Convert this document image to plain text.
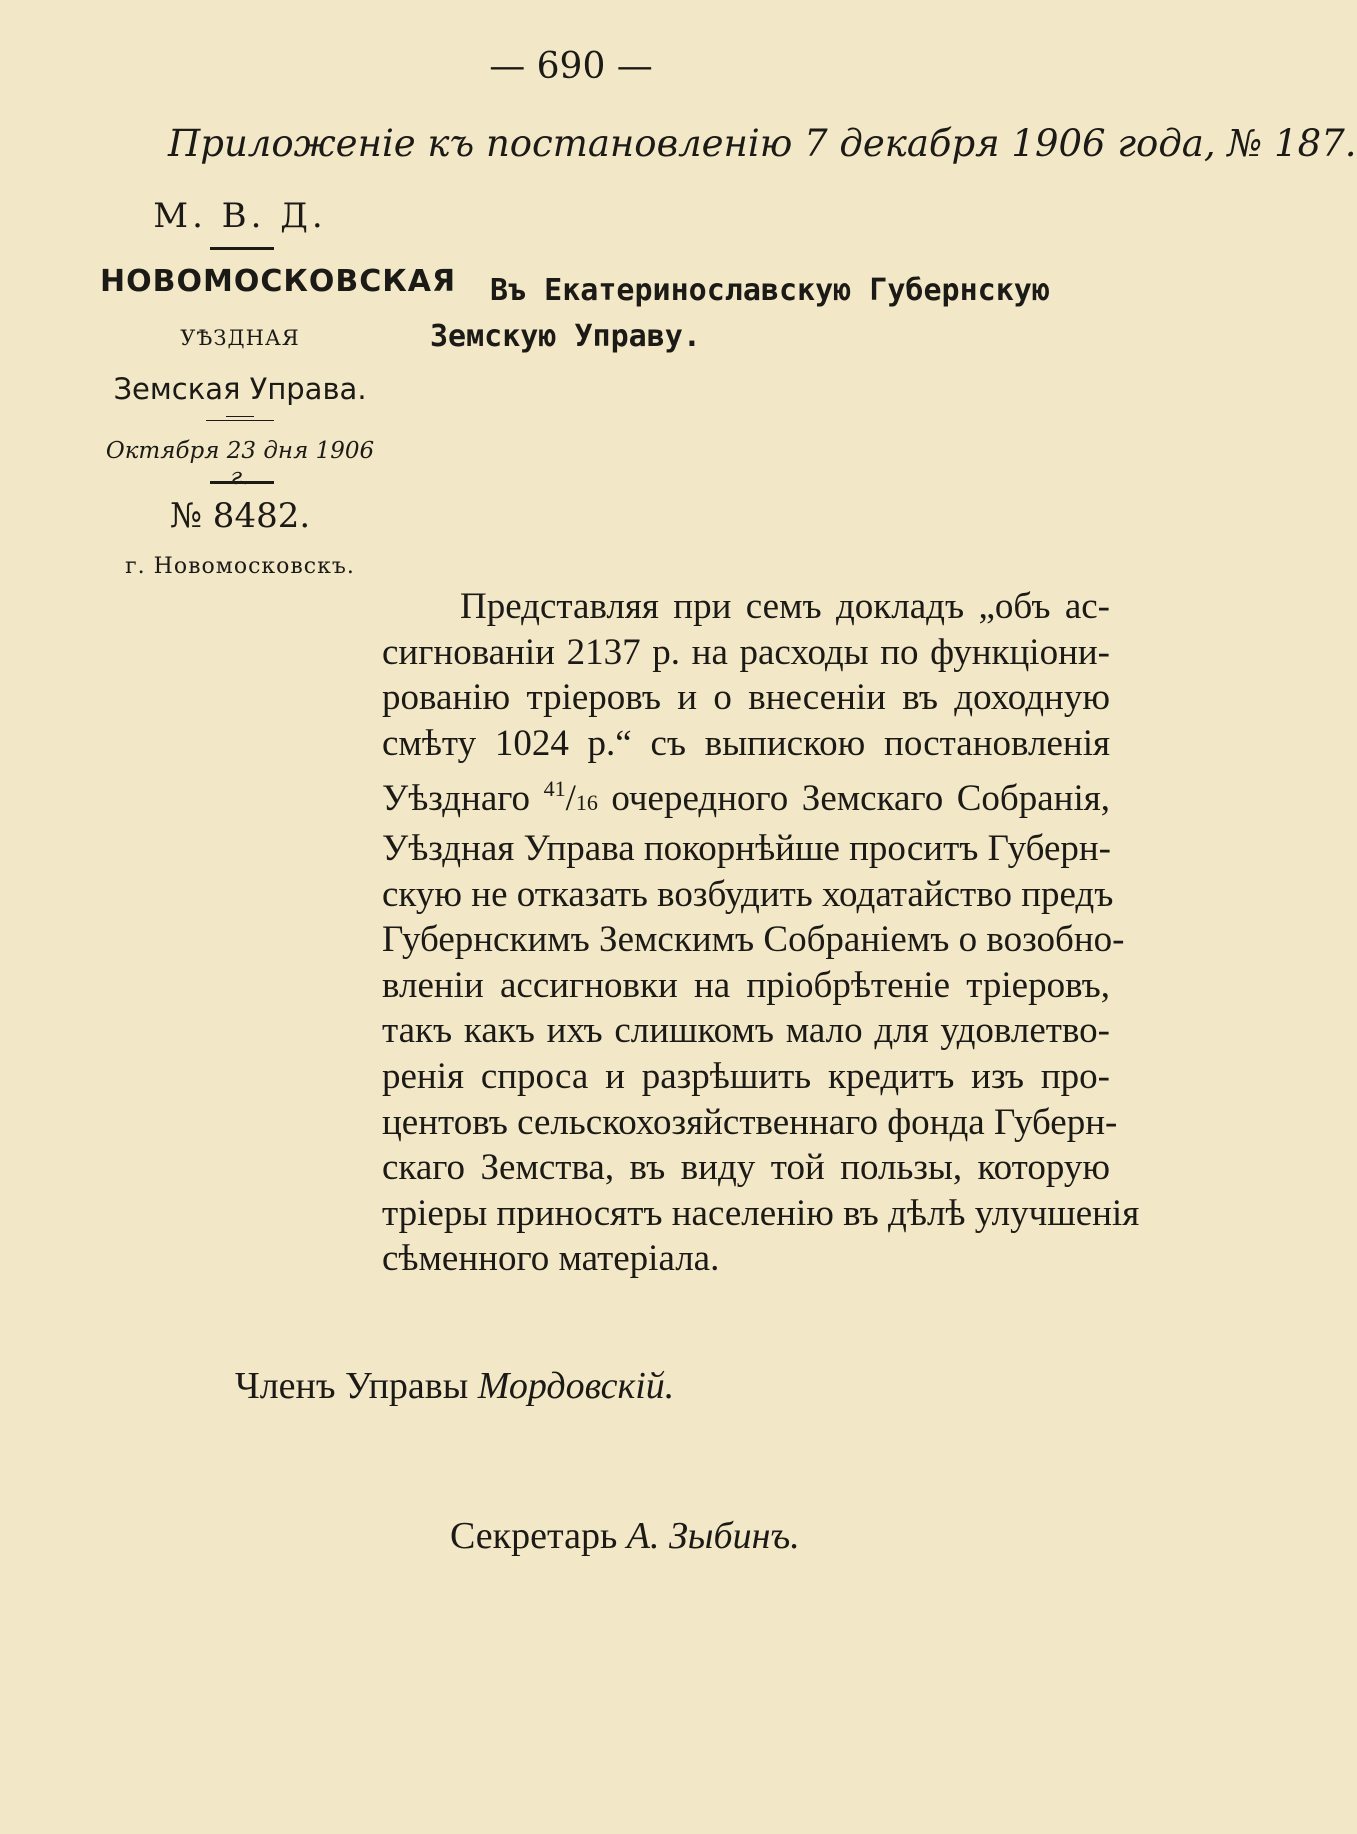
— 690 —
Приложеніе къ постановленію 7 декабря 1906 года, № 187.
М. В. Д.
НОВОМОСКОВСКАЯ
УѢЗДНАЯ
Земская Управа.
Октября 23 дня 1906 г.
№ 8482.
г. Новомосковскъ.
Въ Екатеринославскую Губернскую
Земскую Управу.
Представляя при семъ докладъ „объ ас-
сигнованіи 2137 р. на расходы по функціони-
рованію тріеровъ и о внесеніи въ доходную
смѣту 1024 р.“ съ выпискою постановленія
Уѣзднаго $^{41}$/16 очередного Земскаго Собранія,
Уѣздная Управа покорнѣйше проситъ Губерн-
скую не отказать возбудить ходатайство предъ
Губернскимъ Земскимъ Собраніемъ о возобно-
вленіи ассигновки на пріобрѣтеніе тріеровъ,
такъ какъ ихъ слишкомъ мало для удовлетво-
ренія спроса и разрѣшить кредитъ изъ про-
центовъ сельскохозяйственнаго фонда Губерн-
скаго Земства, въ виду той пользы, которую
тріеры приносятъ населенію въ дѣлѣ улучшенія
сѣменного матеріала.
Членъ Управы Мордовскій.
Секретарь А. Зыбинъ.
